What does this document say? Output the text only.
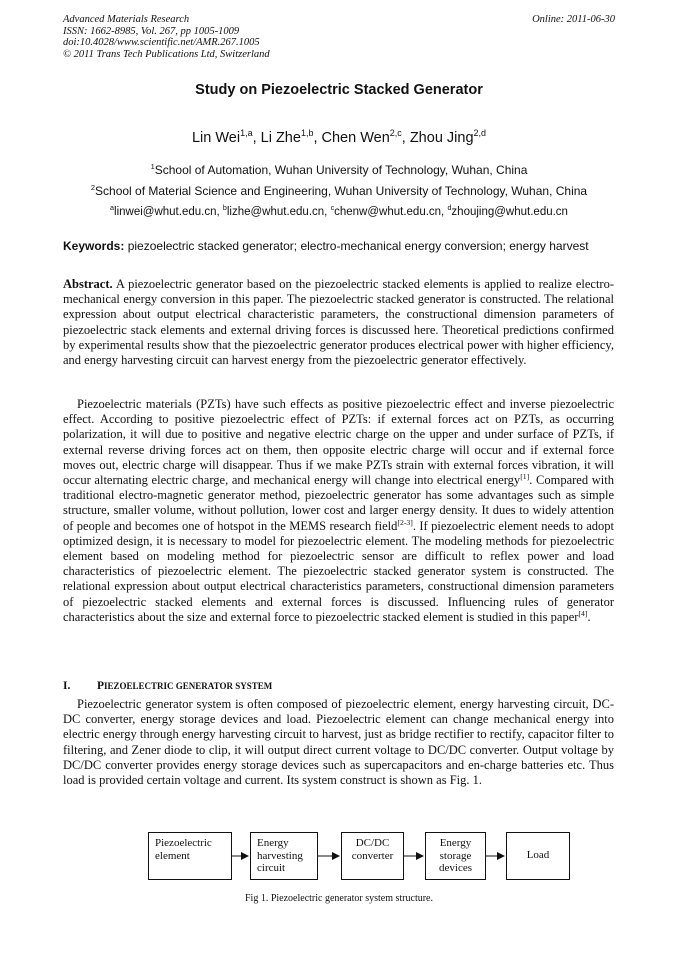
Advanced Materials Research
ISSN: 1662-8985, Vol. 267, pp 1005-1009
doi:10.4028/www.scientific.net/AMR.267.1005
© 2011 Trans Tech Publications Ltd, Switzerland
Online: 2011-06-30
Study on Piezoelectric Stacked Generator
Lin Wei$^{1,a}$, Li Zhe$^{1,b}$, Chen Wen$^{2,c}$, Zhou Jing$^{2,d}$
$^1$School of Automation, Wuhan University of Technology, Wuhan, China
$^2$School of Material Science and Engineering, Wuhan University of Technology, Wuhan, China
$^a$linwei@whut.edu.cn, $^b$lizhe@whut.edu.cn, $^c$chenw@whut.edu.cn, $^d$zhoujing@whut.edu.cn
Keywords: piezoelectric stacked generator; electro-mechanical energy conversion; energy harvest
Abstract. A piezoelectric generator based on the piezoelectric stacked elements is applied to realize electro- mechanical energy conversion in this paper. The piezoelectric stacked generator is constructed. The relational expression about output electrical characteristic parameters, the constructional dimension parameters of piezoelectric stack elements and external driving forces is discussed here. Theoretical predictions confirmed by experimental results show that the piezoelectric generator produces electrical power with higher efficiency, and energy harvesting circuit can harvest energy from the piezoelectric generator effectively.
Piezoelectric materials (PZTs) have such effects as positive piezoelectric effect and inverse piezoelectric effect. According to positive piezoelectric effect of PZTs: if external forces act on PZTs, as occurring polarization, it will due to positive and negative electric charge on the upper and under surface of PZTs, if external reverse driving forces act on them, then opposite electric charge will occur and if external force moves out, electric charge will disappear. Thus if we make PZTs strain with external forces vibration, it will occur alternating electric charge, and mechanical energy will change into electrical energy[1]. Compared with traditional electro-magnetic generator method, piezoelectric generator has some advantages such as simple structure, smaller volume, without pollution, lower cost and larger energy density. It dues to widely attention of people and becomes one of hotspot in the MEMS research field[2-3]. If piezoelectric element needs to adopt optimized design, it is necessary to model for piezoelectric element. The modeling methods for piezoelectric element based on modeling method for piezoelectric sensor are difficult to reflex power and load characteristics of piezoelectric element. The piezoelectric stacked generator system is constructed. The relational expression about output electrical characteristics parameters, constructional dimension parameters of piezoelectric stacked elements and external forces is discussed. Influencing rules of generator characteristics about the size and external force to piezoelectric stacked element is studied in this paper[4].
I. PIEZOELECTRIC GENERATOR SYSTEM
Piezoelectric generator system is often composed of piezoelectric element, energy harvesting circuit, DC-DC converter, energy storage devices and load. Piezoelectric element can change mechanical energy into electric energy through energy harvesting circuit to harvest, just as bridge rectifier to rectify, capacitor filter to filtering, and Zener diode to clip, it will output direct current voltage to DC/DC converter. Output voltage by DC/DC converter provides energy storage devices such as supercapacitors and en-charge batteries etc. Thus load is provided certain voltage and current. Its system construct is shown as Fig. 1.
Piezoelectric
element
Energy
harvesting
circuit
DC/DC
converter
Energy
storage
devices
Load
Fig 1. Piezoelectric generator system structure.
